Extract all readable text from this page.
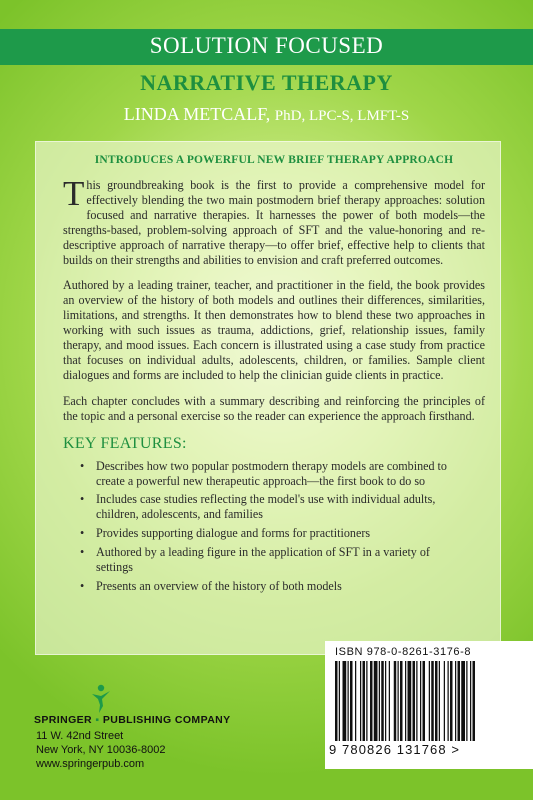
SOLUTION FOCUSED
NARRATIVE THERAPY
LINDA METCALF, PhD, LPC-S, LMFT-S
INTRODUCES A POWERFUL NEW BRIEF THERAPY APPROACH

This groundbreaking book is the first to provide a comprehensive model for effectively blending the two main postmodern brief therapy approaches: solution focused and narrative therapies. It harnesses the power of both models—the strengths-based, problem-solving approach of SFT and the value-honoring and re-descriptive approach of narrative therapy—to offer brief, effective help to clients that builds on their strengths and abilities to envision and craft preferred outcomes.

Authored by a leading trainer, teacher, and practitioner in the field, the book provides an overview of the history of both models and outlines their differences, similarities, limitations, and strengths. It then demonstrates how to blend these two approaches in working with such issues as trauma, addictions, grief, relationship issues, family therapy, and mood issues. Each concern is illustrated using a case study from practice that focuses on individual adults, adolescents, children, or families. Sample client dialogues and forms are included to help the clinician guide clients in practice.

Each chapter concludes with a summary describing and reinforcing the principles of the topic and a personal exercise so the reader can experience the approach firsthand.

KEY FEATURES:
• Describes how two popular postmodern therapy models are combined to create a powerful new therapeutic approach—the first book to do so
• Includes case studies reflecting the model's use with individual adults, children, adolescents, and families
• Provides supporting dialogue and forms for practitioners
• Authored by a leading figure in the application of SFT in a variety of settings
• Presents an overview of the history of both models
ISBN 978-0-8261-3176-8
9 780826 131768 >
SPRINGER ▪ PUBLISHING COMPANY
11 W. 42nd Street
New York, NY 10036-8002
www.springerpub.com
